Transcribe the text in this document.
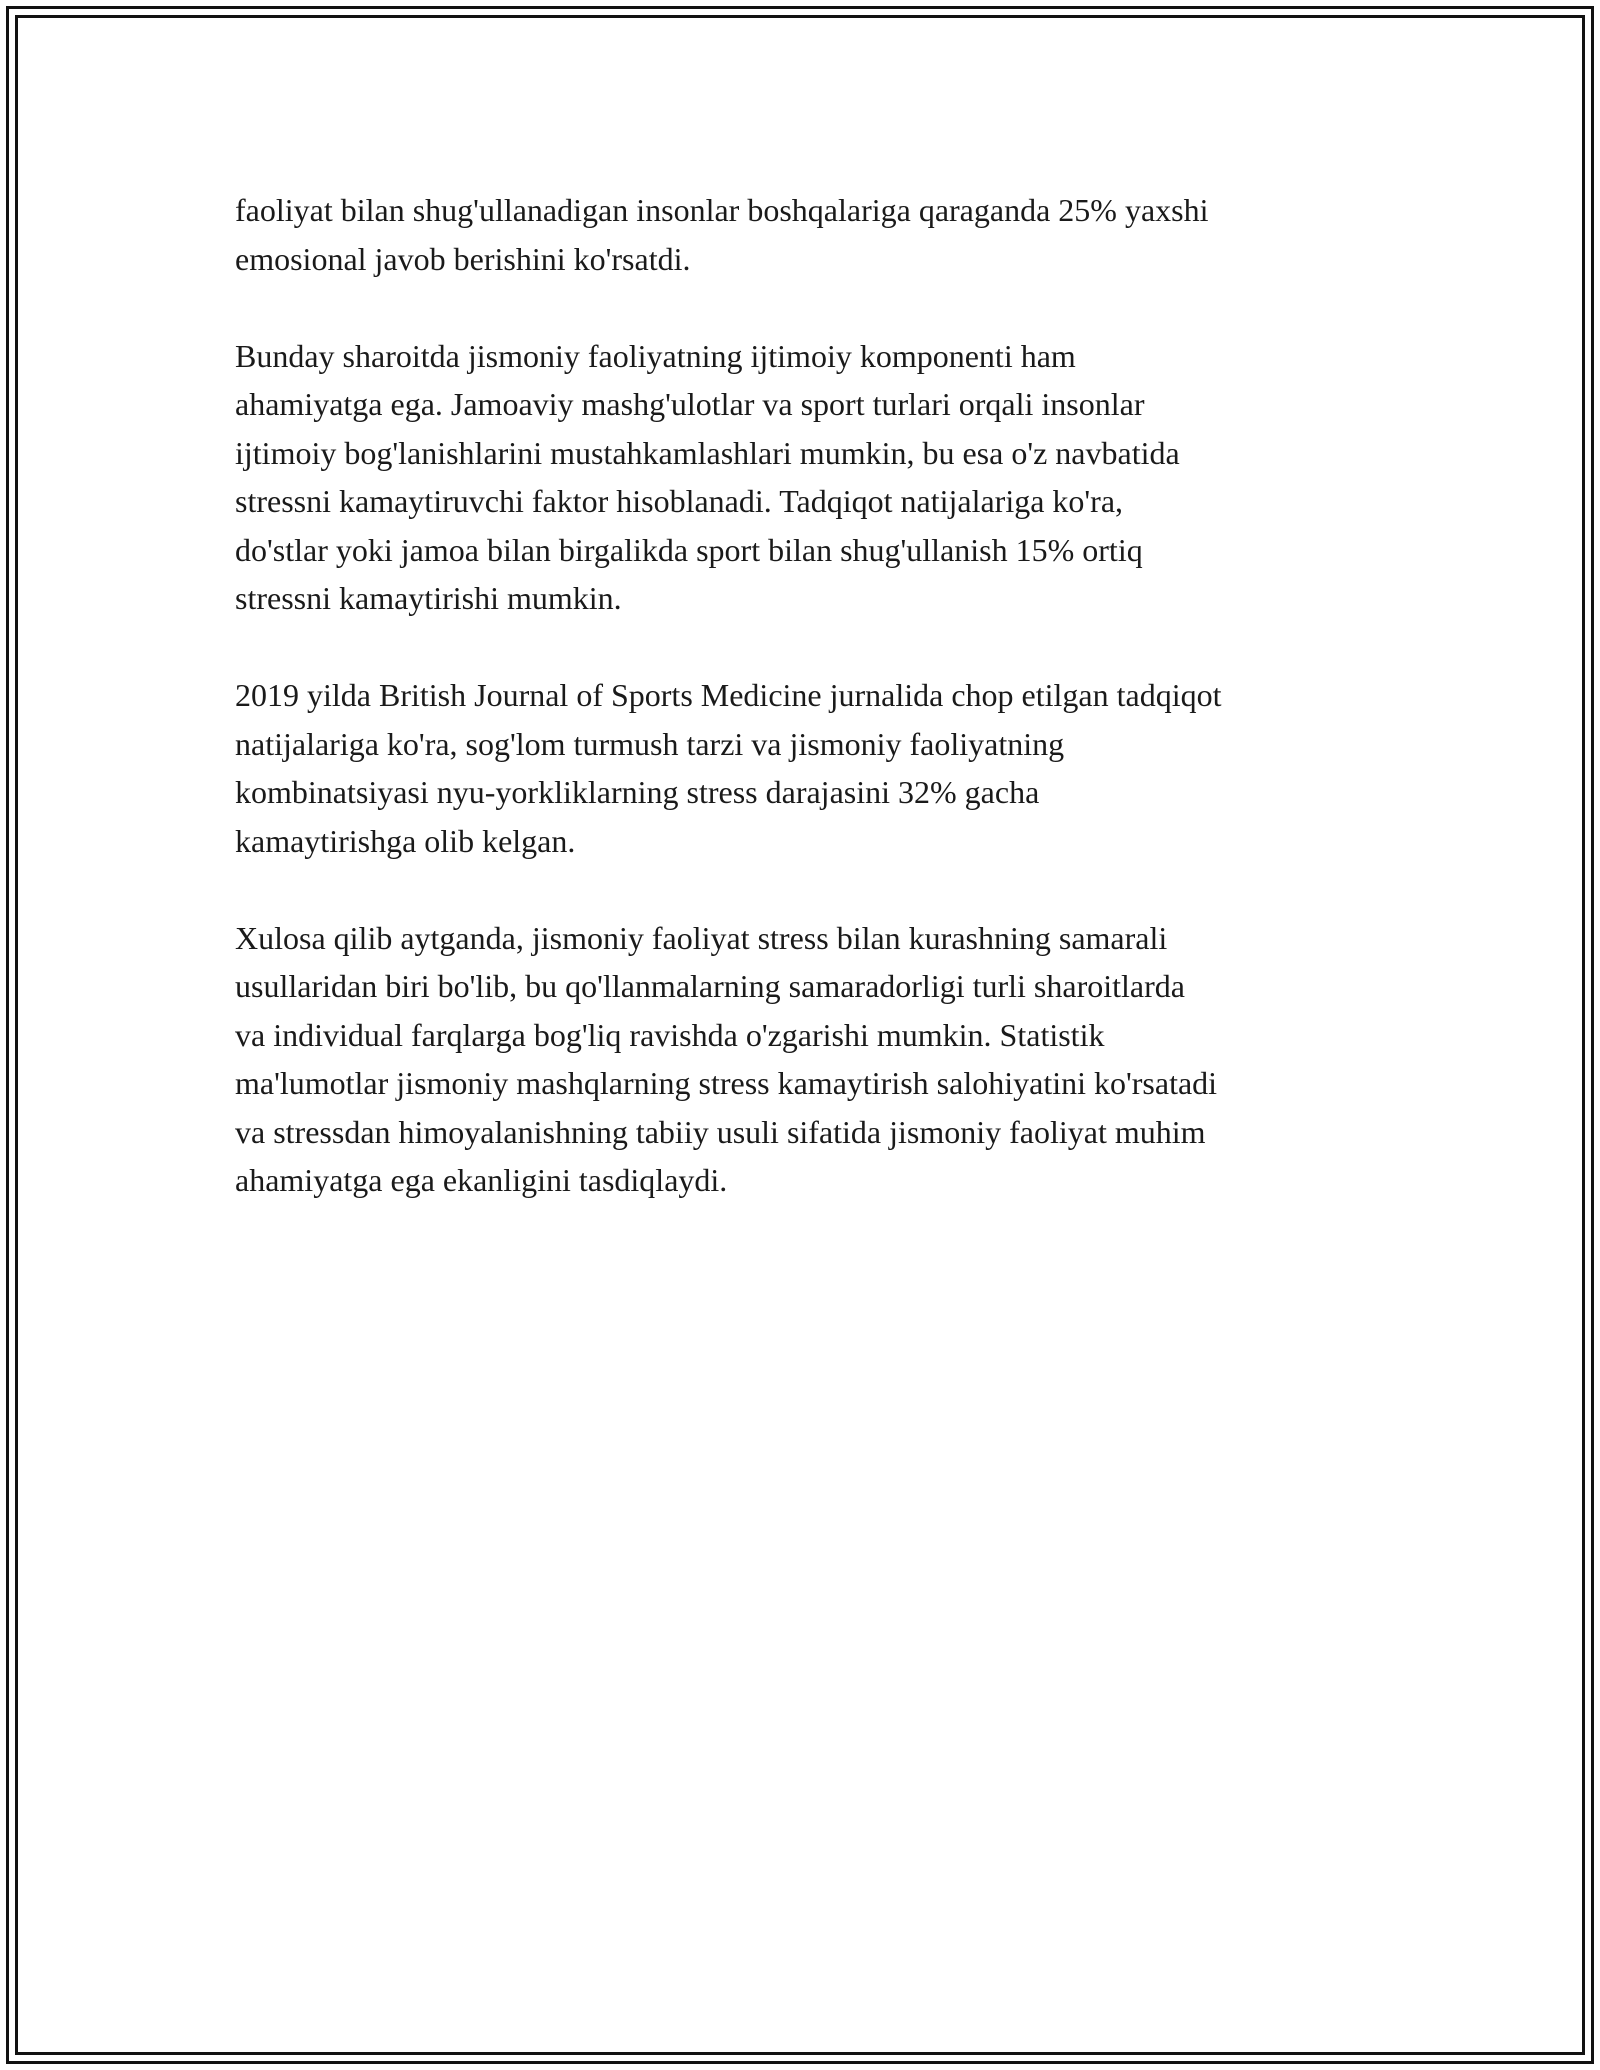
faoliyat bilan shug'ullanadigan insonlar boshqalariga qaraganda 25% yaxshi
emosional javob berishini ko'rsatdi.

Bunday sharoitda jismoniy faoliyatning ijtimoiy komponenti ham
ahamiyatga ega. Jamoaviy mashg'ulotlar va sport turlari orqali insonlar
ijtimoiy bog'lanishlarini mustahkamlashlari mumkin, bu esa o'z navbatida
stressni kamaytiruvchi faktor hisoblanadi. Tadqiqot natijalariga ko'ra,
do'stlar yoki jamoa bilan birgalikda sport bilan shug'ullanish 15% ortiq
stressni kamaytirishi mumkin.

2019 yilda British Journal of Sports Medicine jurnalida chop etilgan tadqiqot
natijalariga ko'ra, sog'lom turmush tarzi va jismoniy faoliyatning
kombinatsiyasi nyu-yorkliklarning stress darajasini 32% gacha
kamaytirishga olib kelgan.

Xulosa qilib aytganda, jismoniy faoliyat stress bilan kurashning samarali
usullaridan biri bo'lib, bu qo'llanmalarning samaradorligi turli sharoitlarda
va individual farqlarga bog'liq ravishda o'zgarishi mumkin. Statistik
ma'lumotlar jismoniy mashqlarning stress kamaytirish salohiyatini ko'rsatadi
va stressdan himoyalanishning tabiiy usuli sifatida jismoniy faoliyat muhim
ahamiyatga ega ekanligini tasdiqlaydi.
